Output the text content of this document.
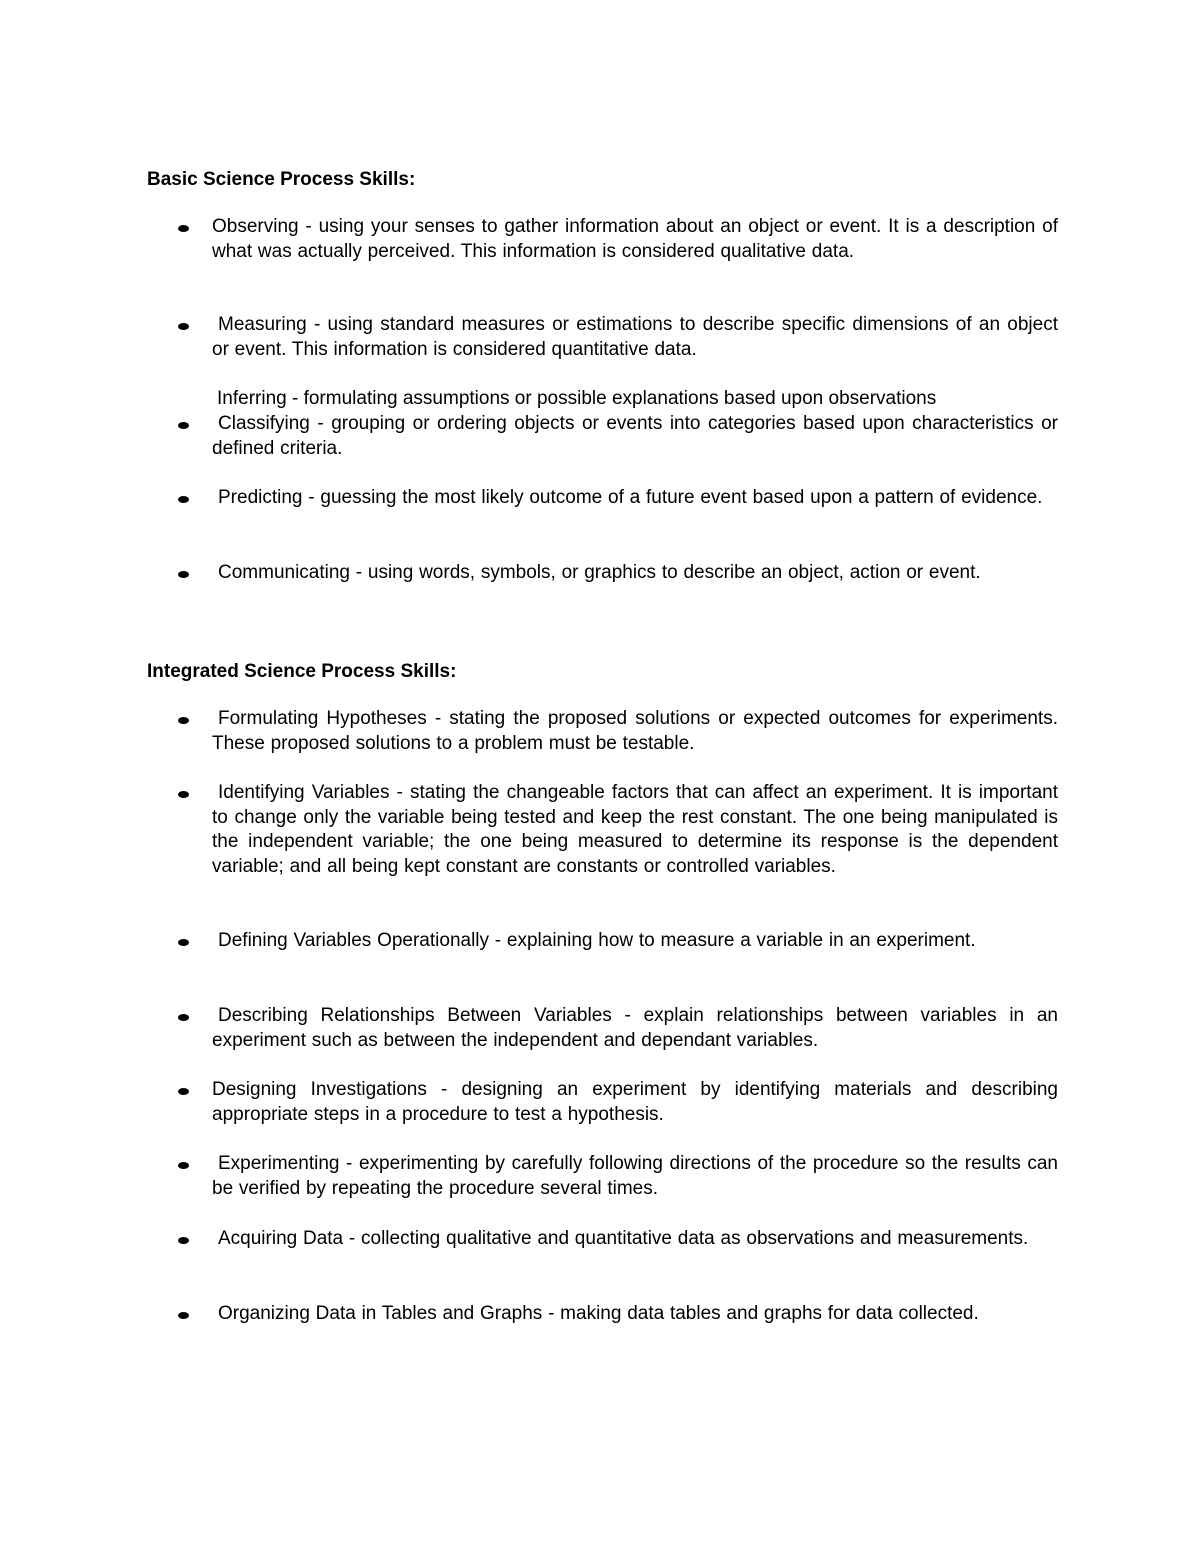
Basic Science Process Skills:
Observing - using your senses to gather information about an object or event. It is a description of what was actually perceived. This information is considered qualitative data.
Measuring - using standard measures or estimations to describe specific dimensions of an object or event. This information is considered quantitative data.
Inferring - formulating assumptions or possible explanations based upon observations
Classifying - grouping or ordering objects or events into categories based upon characteristics or defined criteria.
Predicting - guessing the most likely outcome of a future event based upon a pattern of evidence.
Communicating - using words, symbols, or graphics to describe an object, action or event.
Integrated Science Process Skills:
Formulating Hypotheses - stating the proposed solutions or expected outcomes for experiments. These proposed solutions to a problem must be testable.
Identifying Variables - stating the changeable factors that can affect an experiment. It is important to change only the variable being tested and keep the rest constant. The one being manipulated is the independent variable; the one being measured to determine its response is the dependent variable; and all being kept constant are constants or controlled variables.
Defining Variables Operationally - explaining how to measure a variable in an experiment.
Describing Relationships Between Variables - explain relationships between variables in an experiment such as between the independent and dependant variables.
Designing Investigations - designing an experiment by identifying materials and describing appropriate steps in a procedure to test a hypothesis.
Experimenting - experimenting by carefully following directions of the procedure so the results can be verified by repeating the procedure several times.
Acquiring Data - collecting qualitative and quantitative data as observations and measurements.
Organizing Data in Tables and Graphs - making data tables and graphs for data collected.
